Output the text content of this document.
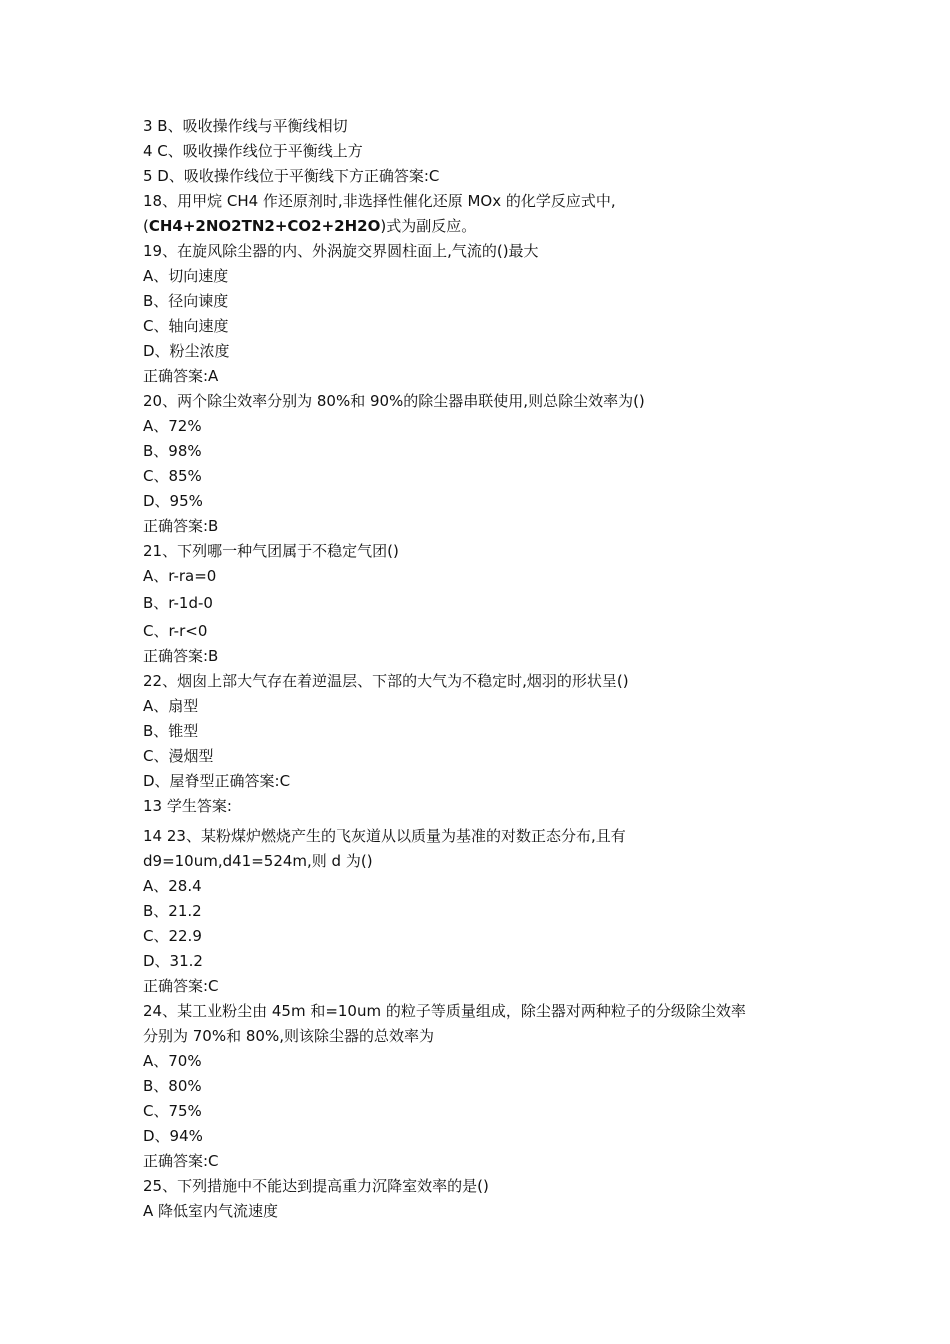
3 B、吸收操作线与平衡线相切
4 C、吸收操作线位于平衡线上方
5 D、吸收操作线位于平衡线下方正确答案:C
18、用甲烷 CH4 作还原剂时,非选择性催化还原 MOx 的化学反应式中,
(CH4+2NO2TN2+CO2+2H2O)式为副反应。
19、在旋风除尘器的内、外涡旋交界圆柱面上,气流的()最大
A、切向速度
B、径向谏度
C、轴向速度
D、粉尘浓度
正确答案:A
20、两个除尘效率分别为 80%和 90%的除尘器串联使用,则总除尘效率为()
A、72%
B、98%
C、85%
D、95%
正确答案:B
21、下列哪一种气团属于不稳定气团()
A、r-ra=0
B、r-1d-0
C、r-r<0
正确答案:B
22、烟囱上部大气存在着逆温层、下部的大气为不稳定时,烟羽的形状呈()
A、扇型
B、锥型
C、漫烟型
D、屋脊型正确答案:C
13 学生答案:
14 23、某粉煤炉燃烧产生的飞灰道从以质量为基准的对数正态分布,且有
d9=10um,d41=524m,则 d 为()
A、28.4
B、21.2
C、22.9
D、31.2
正确答案:C
24、某工业粉尘由 45m 和=10um 的粒子等质量组成，除尘器对两种粒子的分级除尘效率
分别为 70%和 80%,则该除尘器的总效率为
A、70%
B、80%
C、75%
D、94%
正确答案:C
25、下列措施中不能达到提高重力沉降室效率的是()
A 降低室内气流速度
